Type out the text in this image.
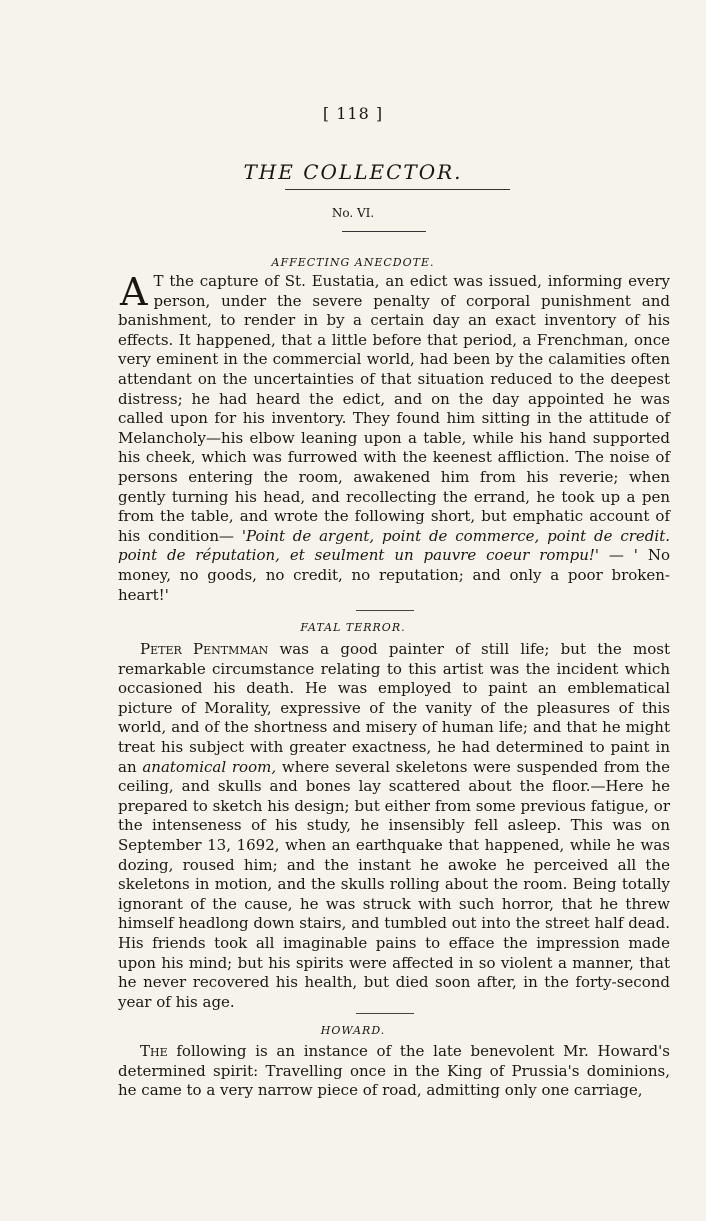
[ 118 ]
THE COLLECTOR.
No. VI.
AFFECTING ANECDOTE.

A T the capture of St. Eustatia, an edict was issued, informing every person, under the severe penalty of corporal punishment and banishment, to render in by a certain day an exact inventory of his effects. It happened, that a little before that period, a Frenchman, once very eminent in the commercial world, had been by the calamities often attendant on the uncertainties of that situation reduced to the deepest distress; he had heard the edict, and on the day appointed he was called upon for his inventory. They found him sitting in the attitude of Melancholy—his elbow leaning upon a table, while his hand supported his cheek, which was furrowed with the keenest affliction. The noise of persons entering the room, awakened him from his reverie; when gently turning his head, and recollecting the errand, he took up a pen from the table, and wrote the following short, but emphatic account of his condition— 'Point de argent, point de commerce, point de credit. point de réputation, et seulment un pauvre coeur rompu!' — ' No money, no goods, no credit, no reputation; and only a poor broken-heart!'

FATAL TERROR.

Peter Pentmman was a good painter of still life; but the most remarkable circumstance relating to this artist was the incident which occasioned his death. He was employed to paint an emblematical picture of Morality, expressive of the vanity of the pleasures of this world, and of the shortness and misery of human life; and that he might treat his subject with greater exactness, he had determined to paint in an anatomical room, where several skeletons were suspended from the ceiling, and skulls and bones lay scattered about the floor.—Here he prepared to sketch his design; but either from some previous fatigue, or the intenseness of his study, he insensibly fell asleep. This was on September 13, 1692, when an earthquake that happened, while he was dozing, roused him; and the instant he awoke he perceived all the skeletons in motion, and the skulls rolling about the room. Being totally ignorant of the cause, he was struck with such horror, that he threw himself headlong down stairs, and tumbled out into the street half dead. His friends took all imaginable pains to efface the impression made upon his mind; but his spirits were affected in so violent a manner, that he never recovered his health, but died soon after, in the forty-second year of his age.

HOWARD.

The following is an instance of the late benevolent Mr. Howard's determined spirit: Travelling once in the King of Prussia's dominions, he came to a very narrow piece of road, admitting only one carriage,
